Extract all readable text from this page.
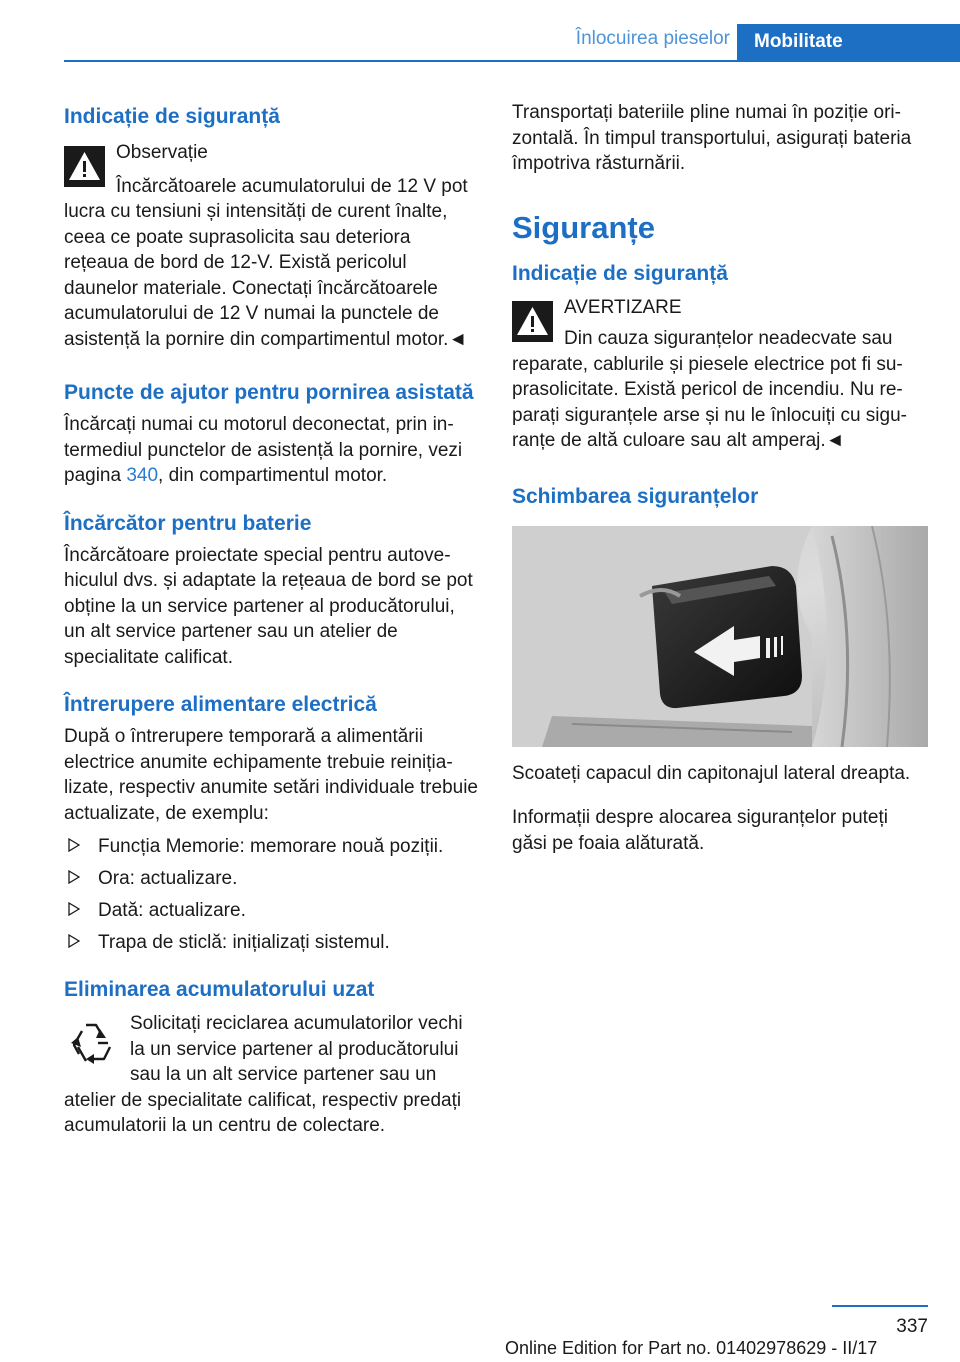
Înlocuirea pieselor	Mobilitate
Indicație de siguranță
Observație
Încărcătoarele acumulatorului de 12 V pot lucra cu tensiuni și intensități de curent înalte, ceea ce poate suprasolicita sau deteriora rețeaua de bord de 12-V. Există pericolul daunelor materiale. Conectați încărcătoarele acumulatorului de 12 V numai la punctele de asistență la pornire din compartimentul motor.◄
Puncte de ajutor pentru pornirea asistată

Încărcați numai cu motorul deconectat, prin intermediul punctelor de asistență la pornire, vezi pagina 340, din compartimentul motor.

Încărcător pentru baterie

Încărcătoare proiectate special pentru autovehiculul dvs. și adaptate la rețeaua de bord se pot obține la un service partener al producătorului, un alt service partener sau un atelier de specialitate calificat.

Întrerupere alimentare electrică

După o întrerupere temporară a alimentării electrice anumite echipamente trebuie reinițializate, respectiv anumite setări individuale trebuie actualizate, de exemplu:

Funcția Memorie: memorare nouă poziții.
Ora: actualizare.
Dată: actualizare.
Trapa de sticlă: inițializați sistemul.
Eliminarea acumulatorului uzat
Solicitați reciclarea acumulatorilor vechi la un service partener al producătorului sau la un alt service partener sau un atelier de specialitate calificat, respectiv predați acumulatorii la un centru de colectare.

Transportați bateriile pline numai în poziție orizontală. În timpul transportului, asigurați bateria împotriva răsturnării.

Siguranțe
Indicație de siguranță
AVERTIZARE
Din cauza siguranțelor neadecvate sau reparate, cablurile și piesele electrice pot fi suprasolicitate. Există pericol de incendiu. Nu reparați siguranțele arse și nu le înlocuiți cu siguranțe de altă culoare sau alt amperaj.◄
Schimbarea siguranțelor

Scoateți capacul din capitonajul lateral dreapta.

Informații despre alocarea siguranțelor puteți găsi pe foaia alăturată.

337
Online Edition for Part no. 01402978629 - II/17
